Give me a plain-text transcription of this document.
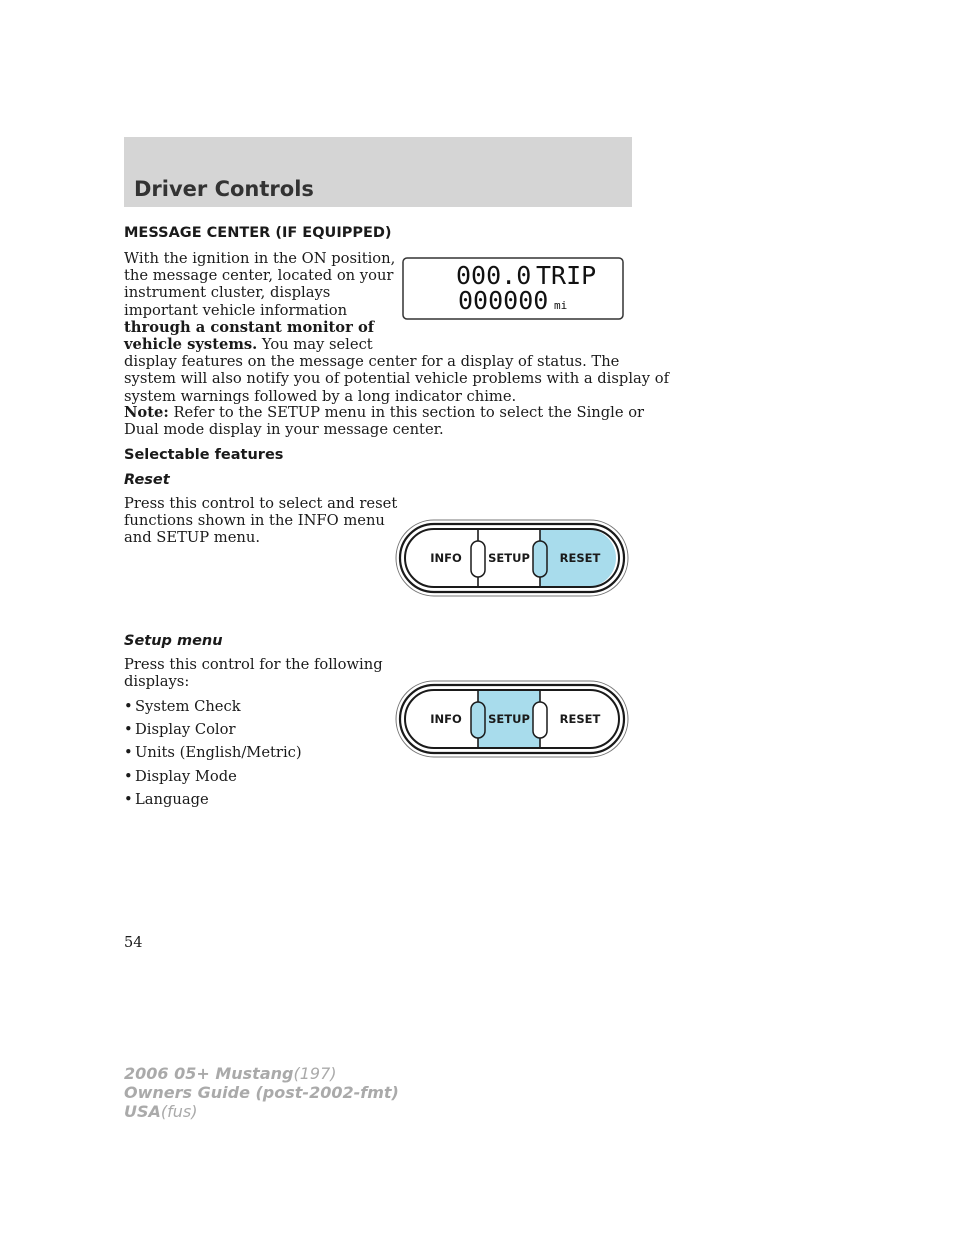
Driver Controls
MESSAGE CENTER (IF EQUIPPED)
With the ignition in the ON position,
the message center, located on your
instrument cluster, displays
important vehicle information
through a constant monitor of
vehicle systems. You may select
display features on the message center for a display of status. The
system will also notify you of potential vehicle problems with a display of
system warnings followed by a long indicator chime.
000.0 TRIP
000000 mi
Note: Refer to the SETUP menu in this section to select the Single or
Dual mode display in your message center.
Selectable features
Reset
Press this control to select and reset
functions shown in the INFO menu
and SETUP menu.
INFO SETUP	RESET
Setup menu
Press this control for the following
displays:
• System Check
• Display Color
• Units (English/Metric)
• Display Mode
• Language
INFO SETUP	RESET

54

2006 05+ Mustang(197)
Owners Guide (post-2002-fmt)
USA(fus)
